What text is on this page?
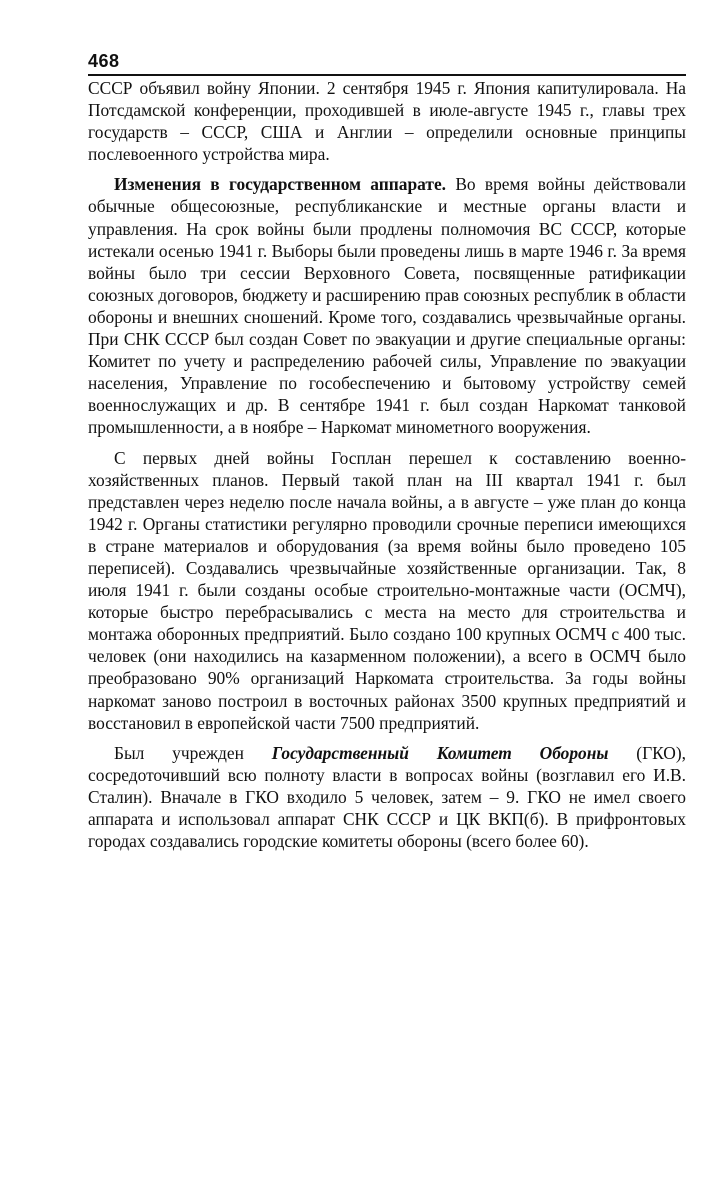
468

СССР объявил войну Японии. 2 сентября 1945 г. Япония капитулировала. На Потсдамской конференции, проходившей в июле-августе 1945 г., главы трех государств – СССР, США и Англии – определили основные принципы послевоенного устройства мира.

Изменения в государственном аппарате. Во время войны действовали обычные общесоюзные, республиканские и местные органы власти и управления. На срок войны были продлены полномочия ВС СССР, которые истекали осенью 1941 г. Выборы были проведены лишь в марте 1946 г. За время войны было три сессии Верховного Совета, посвященные ратификации союзных договоров, бюджету и расширению прав союзных республик в области обороны и внешних сношений. Кроме того, создавались чрезвычайные органы. При СНК СССР был создан Совет по эвакуации и другие специальные органы: Комитет по учету и распределению рабочей силы, Управление по эвакуации населения, Управление по гособеспечению и бытовому устройству семей военнослужащих и др. В сентябре 1941 г. был создан Наркомат танковой промышленности, а в ноябре – Наркомат минометного вооружения.

С первых дней войны Госплан перешел к составлению военно-хозяйственных планов. Первый такой план на III квартал 1941 г. был представлен через неделю после начала войны, а в августе – уже план до конца 1942 г. Органы статистики регулярно проводили срочные переписи имеющихся в стране материалов и оборудования (за время войны было проведено 105 переписей). Создавались чрезвычайные хозяйственные организации. Так, 8 июля 1941 г. были созданы особые строительно-монтажные части (ОСМЧ), которые быстро перебрасывались с места на место для строительства и монтажа оборонных предприятий. Было создано 100 крупных ОСМЧ с 400 тыс. человек (они находились на казарменном положении), а всего в ОСМЧ было преобразовано 90% организаций Наркомата строительства. За годы войны наркомат заново построил в восточных районах 3500 крупных предприятий и восстановил в европейской части 7500 предприятий.

Был учрежден Государственный Комитет Обороны (ГКО), сосредоточивший всю полноту власти в вопросах войны (возглавил его И.В. Сталин). Вначале в ГКО входило 5 человек, затем – 9. ГКО не имел своего аппарата и использовал аппарат СНК СССР и ЦК ВКП(б). В прифронтовых городах создавались городские комитеты обороны (всего более 60).
